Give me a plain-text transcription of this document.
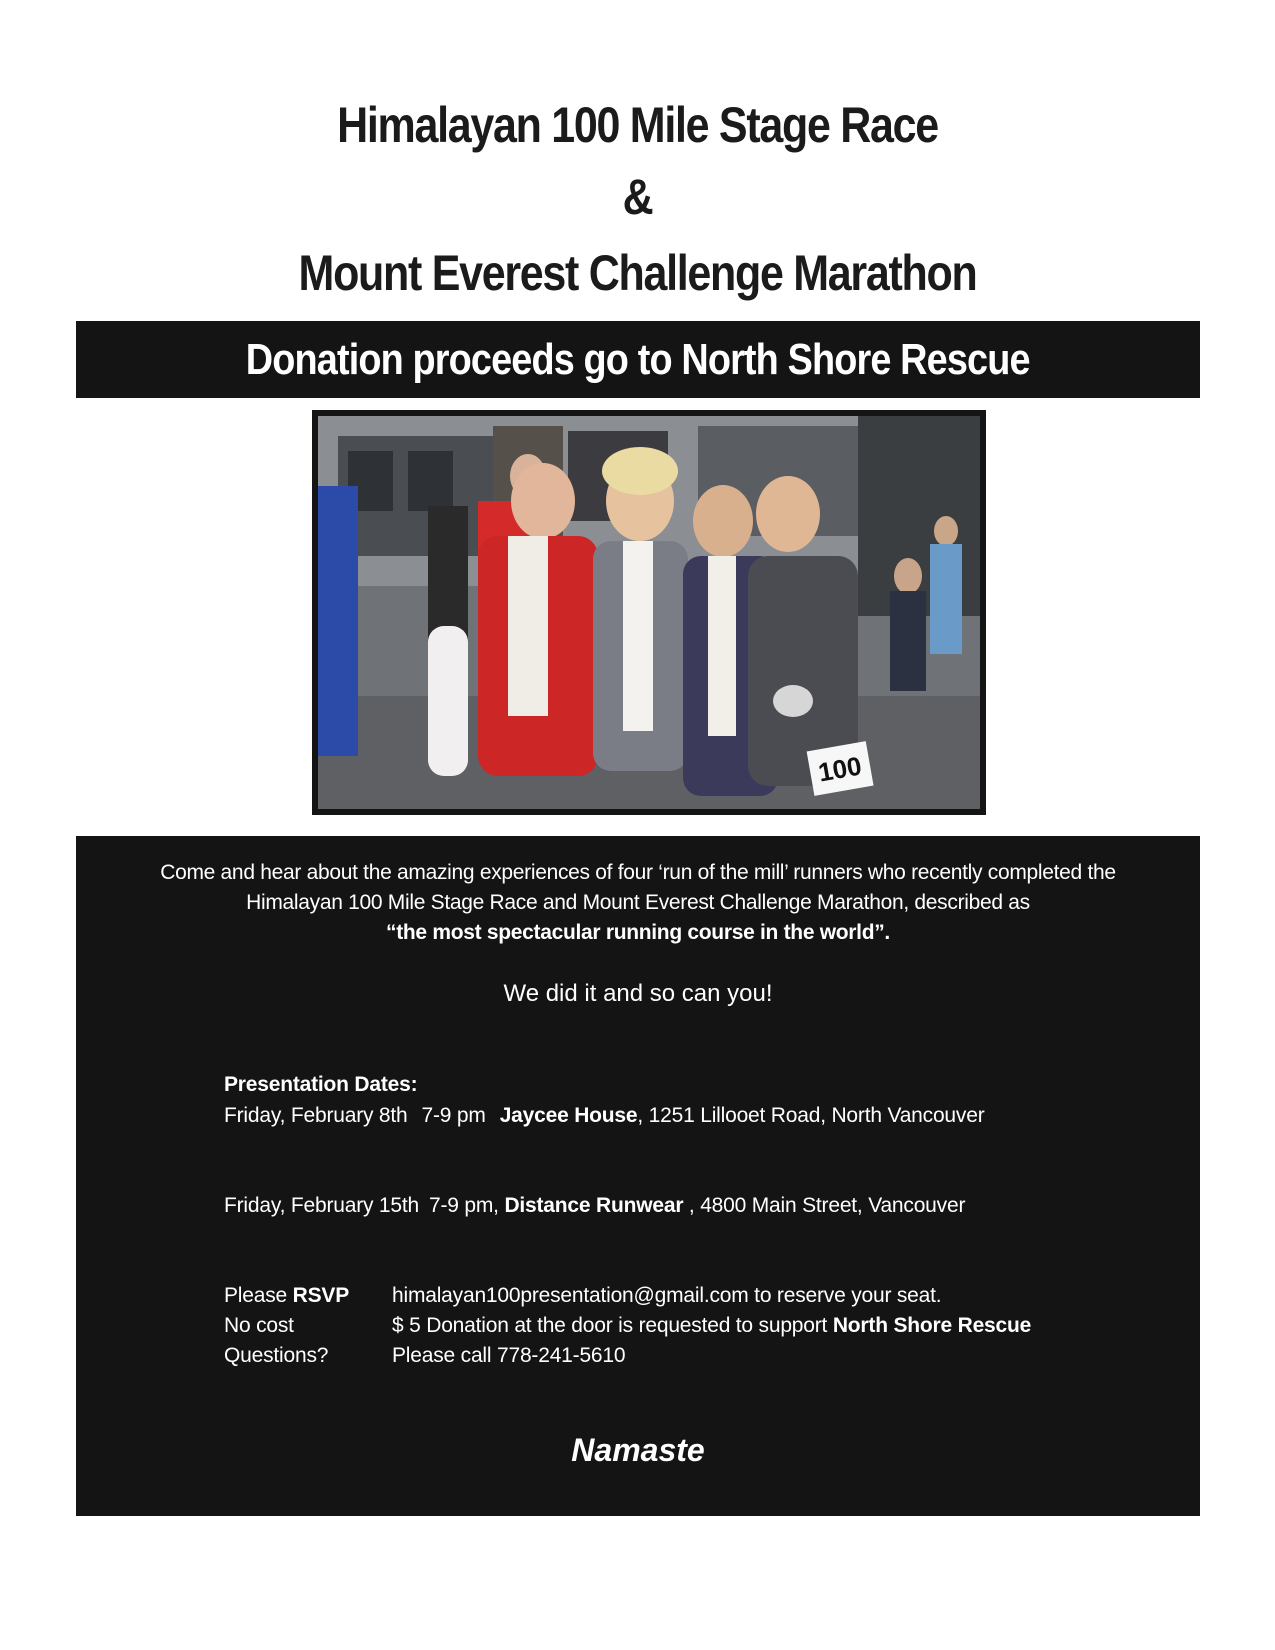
Himalayan 100 Mile Stage Race
&
Mount Everest Challenge Marathon
Donation proceeds go to North Shore Rescue
100
Come and hear about the amazing experiences of four ‘run of the mill’ runners who recently completed the
Himalayan 100 Mile Stage Race and Mount Everest Challenge Marathon, described as
“the most spectacular running course in the world”.
We did it and so can you!
Presentation Dates:
Friday, February 8th 7-9 pm Jaycee House, 1251 Lillooet Road, North Vancouver
Friday, February 15th 7-9 pm, Distance Runwear , 4800 Main Street, Vancouver
Please RSVP	himalayan100presentation@gmail.com to reserve your seat.
No cost	$ 5 Donation at the door is requested to support North Shore Rescue
Questions?	Please call 778-241-5610
Namaste
